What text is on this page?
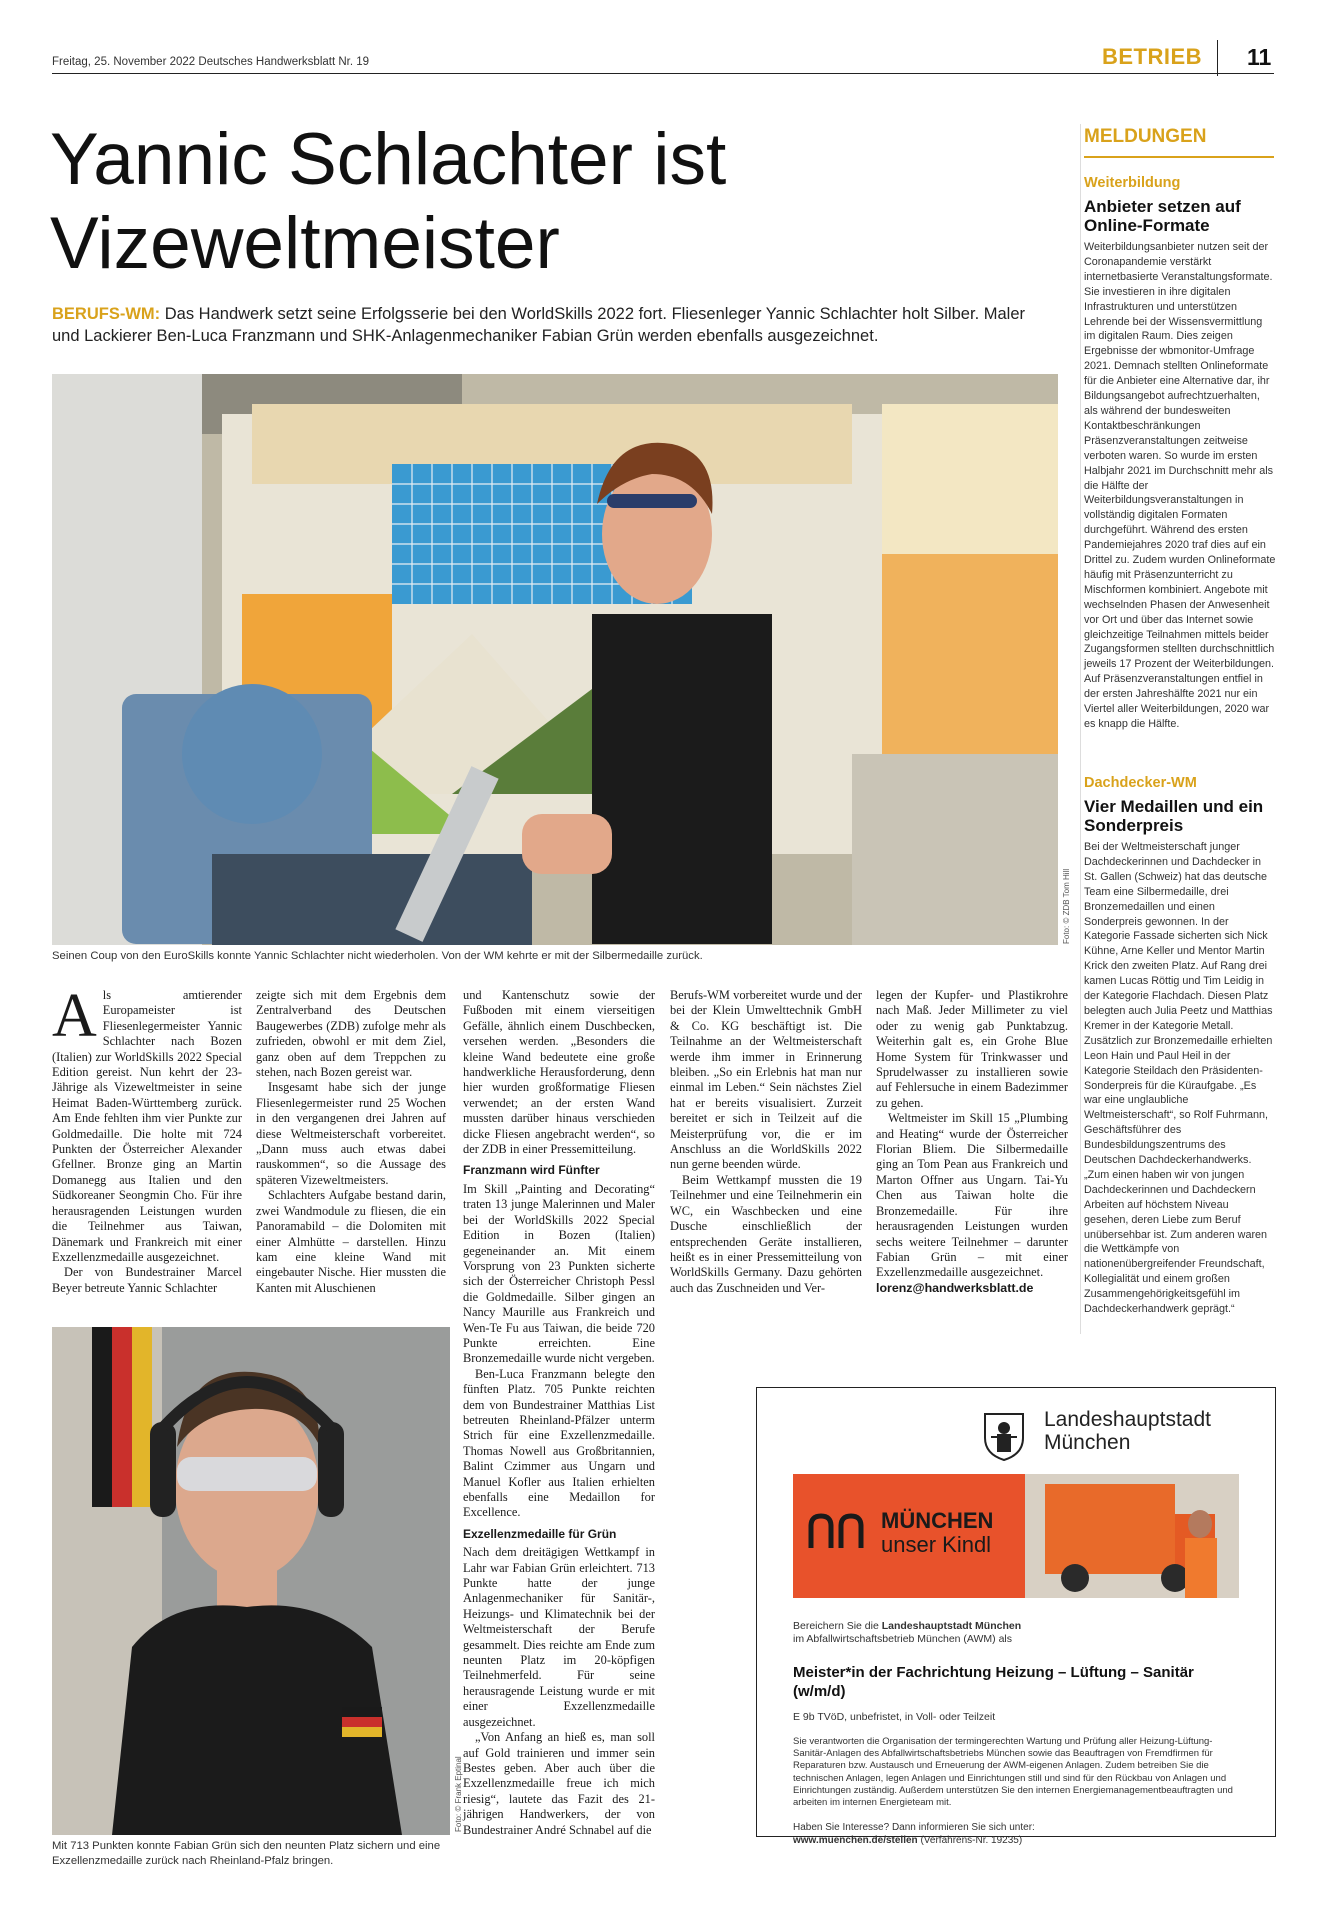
Freitag, 25. November 2022 Deutsches Handwerksblatt Nr. 19	BETRIEB 11
Yannic Schlachter ist Vizeweltmeister
BERUFS-WM: Das Handwerk setzt seine Erfolgsserie bei den WorldSkills 2022 fort. Fliesenleger Yannic Schlachter holt Silber. Maler und Lackierer Ben-Luca Franzmann und SHK-Anlagenmechaniker Fabian Grün werden ebenfalls ausgezeichnet.
Foto: © ZDB Tom Hill
Seinen Coup von den EuroSkills konnte Yannic Schlachter nicht wiederholen. Von der WM kehrte er mit der Silbermedaille zurück.
A ls amtierender Europameister ist Fliesenlegermeister Yannic Schlachter nach Bozen (Italien) zur WorldSkills 2022 Special Edition gereist. Nun kehrt der 23-Jährige als Vizeweltmeister in seine Heimat Baden-Württemberg zurück. Am Ende fehlten ihm vier Punkte zur Goldmedaille. Die holte mit 724 Punkten der Österreicher Alexander Gfellner. Bronze ging an Martin Domanegg aus Italien und den Südkoreaner Seongmin Cho. Für ihre herausragenden Leistungen wurden die Teilnehmer aus Taiwan, Dänemark und Frankreich mit einer Exzellenzmedaille ausgezeichnet.

Der von Bundestrainer Marcel Beyer betreute Yannic Schlachter

zeigte sich mit dem Ergebnis dem Zentralverband des Deutschen Baugewerbes (ZDB) zufolge mehr als zufrieden, obwohl er mit dem Ziel, ganz oben auf dem Treppchen zu stehen, nach Bozen gereist war.

Insgesamt habe sich der junge Fliesenlegermeister rund 25 Wochen in den vergangenen drei Jahren auf diese Weltmeisterschaft vorbereitet. „Dann muss auch etwas dabei rauskommen“, so die Aussage des späteren Vizeweltmeisters.

Schlachters Aufgabe bestand darin, zwei Wandmodule zu fliesen, die ein Panoramabild – die Dolomiten mit einer Almhütte – darstellen. Hinzu kam eine kleine Wand mit eingebauter Nische. Hier mussten die Kanten mit Aluschienen

und Kantenschutz sowie der Fußboden mit einem vierseitigen Gefälle, ähnlich einem Duschbecken, versehen werden. „Besonders die kleine Wand bedeutete eine große handwerkliche Herausforderung, denn hier wurden großformatige Fliesen verwendet; an der ersten Wand mussten darüber hinaus verschieden dicke Fliesen angebracht werden“, so der ZDB in einer Pressemitteilung.

Franzmann wird Fünfter

Im Skill „Painting and Decorating“ traten 13 junge Malerinnen und Maler bei der WorldSkills 2022 Special Edition in Bozen (Italien) gegeneinander an. Mit einem Vorsprung von 23 Punkten sicherte sich der Österreicher Christoph Pessl die Goldmedaille. Silber gingen an Nancy Maurille aus Frankreich und Wen-Te Fu aus Taiwan, die beide 720 Punkte erreichten. Eine Bronzemedaille wurde nicht vergeben.

Ben-Luca Franzmann belegte den fünften Platz. 705 Punkte reichten dem von Bundestrainer Matthias List betreuten Rheinland-Pfälzer unterm Strich für eine Exzellenzmedaille. Thomas Nowell aus Großbritannien, Balint Czimmer aus Ungarn und Manuel Kofler aus Italien erhielten ebenfalls eine Medaillon for Excellence.

Exzellenzmedaille für Grün

Nach dem dreitägigen Wettkampf in Lahr war Fabian Grün erleichtert. 713 Punkte hatte der junge Anlagenmechaniker für Sanitär-, Heizungs- und Klimatechnik bei der Weltmeisterschaft der Berufe gesammelt. Dies reichte am Ende zum neunten Platz im 20-köpfigen Teilnehmerfeld. Für seine herausragende Leistung wurde er mit einer Exzellenzmedaille ausgezeichnet.

„Von Anfang an hieß es, man soll auf Gold trainieren und immer sein Bestes geben. Aber auch über die Exzellenzmedaille freue ich mich riesig“, lautete das Fazit des 21-jährigen Handwerkers, der von Bundestrainer André Schnabel auf die

Berufs-WM vorbereitet wurde und der bei der Klein Umwelttechnik GmbH & Co. KG beschäftigt ist. Die Teilnahme an der Weltmeisterschaft werde ihm immer in Erinnerung bleiben. „So ein Erlebnis hat man nur einmal im Leben.“ Sein nächstes Ziel hat er bereits visualisiert. Zurzeit bereitet er sich in Teilzeit auf die Meisterprüfung vor, die er im Anschluss an die WorldSkills 2022 nun gerne beenden würde.

Beim Wettkampf mussten die 19 Teilnehmer und eine Teilnehmerin ein WC, ein Waschbecken und eine Dusche einschließlich der entsprechenden Geräte installieren, heißt es in einer Pressemitteilung von WorldSkills Germany. Dazu gehörten auch das Zuschneiden und Ver-

legen der Kupfer- und Plastikrohre nach Maß. Jeder Millimeter zu viel oder zu wenig gab Punktabzug. Weiterhin galt es, ein Grohe Blue Home System für Trinkwasser und Sprudelwasser zu installieren sowie auf Fehlersuche in einem Badezimmer zu gehen.

Weltmeister im Skill 15 „Plumbing and Heating“ wurde der Österreicher Florian Bliem. Die Silbermedaille ging an Tom Pean aus Frankreich und Marton Offner aus Ungarn. Tai-Yu Chen aus Taiwan holte die Bronzemedaille. Für ihre herausragenden Leistungen wurden sechs weitere Teilnehmer – darunter Fabian Grün – mit einer Exzellenzmedaille ausgezeichnet.

lorenz@handwerksblatt.de

Foto: © Frank Eptinal
Mit 713 Punkten konnte Fabian Grün sich den neunten Platz sichern und eine Exzellenzmedaille zurück nach Rheinland-Pfalz bringen.
MELDUNGEN
Weiterbildung
Anbieter setzen auf Online-Formate
Weiterbildungsanbieter nutzen seit der Coronapandemie verstärkt internetbasierte Veranstaltungsformate. Sie investieren in ihre digitalen Infrastrukturen und unterstützen Lehrende bei der Wissensvermittlung im digitalen Raum. Dies zeigen Ergebnisse der wbmonitor-Umfrage 2021. Demnach stellten Onlineformate für die Anbieter eine Alternative dar, ihr Bildungsangebot aufrechtzuerhalten, als während der bundesweiten Kontaktbeschränkungen Präsenzveranstaltungen zeitweise verboten waren. So wurde im ersten Halbjahr 2021 im Durchschnitt mehr als die Hälfte der Weiterbildungsveranstaltungen in vollständig digitalen Formaten durchgeführt. Während des ersten Pandemiejahres 2020 traf dies auf ein Drittel zu. Zudem wurden Onlineformate häufig mit Präsenzunterricht zu Mischformen kombiniert. Angebote mit wechselnden Phasen der Anwesenheit vor Ort und über das Internet sowie gleichzeitige Teilnahmen mittels beider Zugangsformen stellten durchschnittlich jeweils 17 Prozent der Weiterbildungen. Auf Präsenzveranstaltungen entfiel in der ersten Jahreshälfte 2021 nur ein Viertel aller Weiterbildungen, 2020 war es knapp die Hälfte.
Dachdecker-WM
Vier Medaillen und ein Sonderpreis
Bei der Weltmeisterschaft junger Dachdeckerinnen und Dachdecker in St. Gallen (Schweiz) hat das deutsche Team eine Silbermedaille, drei Bronzemedaillen und einen Sonderpreis gewonnen. In der Kategorie Fassade sicherten sich Nick Kühne, Arne Keller und Mentor Martin Krick den zweiten Platz. Auf Rang drei kamen Lucas Röttig und Tim Leidig in der Kategorie Flachdach. Diesen Platz belegten auch Julia Peetz und Matthias Kremer in der Kategorie Metall. Zusätzlich zur Bronzemedaille erhielten Leon Hain und Paul Heil in der Kategorie Steildach den Präsidenten-Sonderpreis für die Küraufgabe. „Es war eine unglaubliche Weltmeisterschaft“, so Rolf Fuhrmann, Geschäftsführer des Bundesbildungszentrums des Deutschen Dachdeckerhandwerks. „Zum einen haben wir von jungen Dachdeckerinnen und Dachdeckern Arbeiten auf höchstem Niveau gesehen, deren Liebe zum Beruf unübersehbar ist. Zum anderen waren die Wettkämpfe von nationenübergreifender Freundschaft, Kollegialität und einem großen Zusammengehörigkeitsgefühl im Dachdeckerhandwerk geprägt.“
Landeshauptstadt
München
MÜNCHEN
unser Kindl
Bereichern Sie die Landeshauptstadt München
im Abfallwirtschaftsbetrieb München (AWM) als
Meister*in der Fachrichtung Heizung – Lüftung – Sanitär (w/m/d)
E 9b TVöD, unbefristet, in Voll- oder Teilzeit
Sie verantworten die Organisation der termingerechten Wartung und Prüfung aller Heizung-Lüftung-Sanitär-Anlagen des Abfallwirtschaftsbetriebs München sowie das Beauftragen von Fremdfirmen für Reparaturen bzw. Austausch und Erneuerung der AWM-eigenen Anlagen. Zudem betreiben Sie die technischen Anlagen, legen Anlagen und Einrichtungen still und sind für den Rückbau von Anlagen und Einrichtungen zuständig. Außerdem unterstützen Sie den internen Energiemanagementbeauftragten und arbeiten im internen Energieteam mit.
Haben Sie Interesse? Dann informieren Sie sich unter:
www.muenchen.de/stellen (Verfahrens-Nr. 19235)
